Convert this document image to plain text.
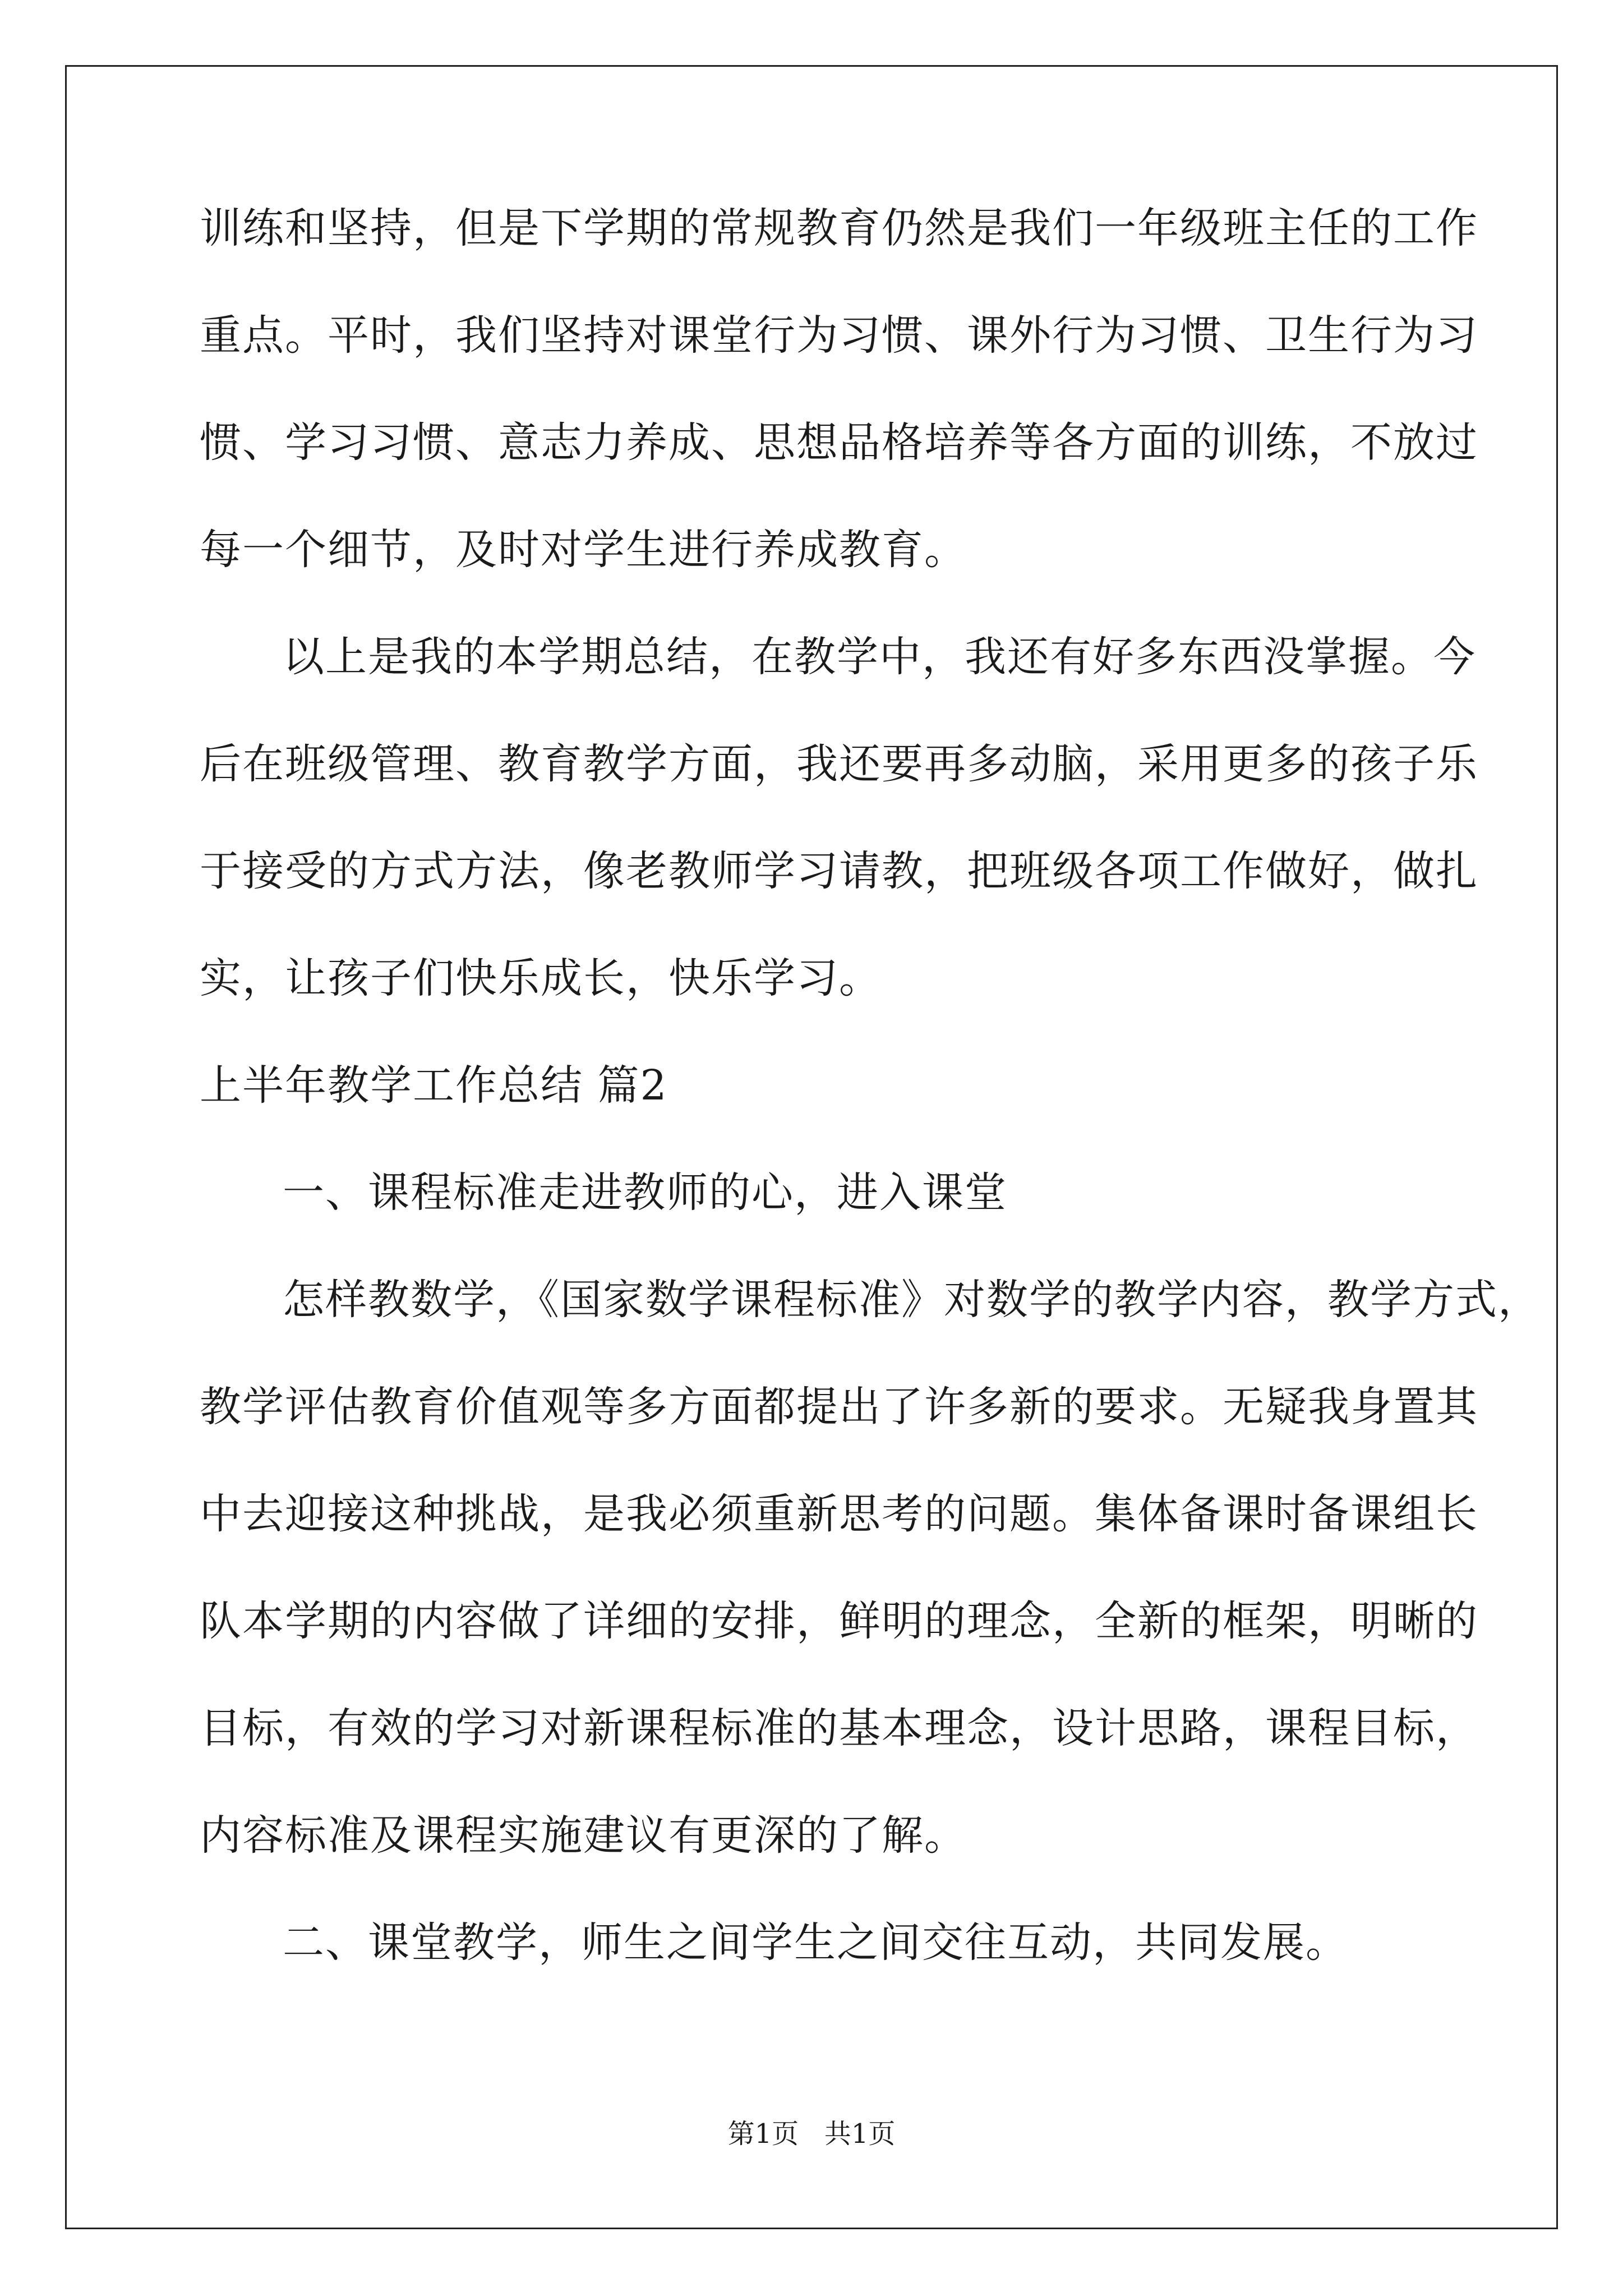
训练和坚持，但是下学期的常规教育仍然是我们一年级班主任的工作
重点。平时，我们坚持对课堂行为习惯、课外行为习惯、卫生行为习
惯、学习习惯、意志力养成、思想品格培养等各方面的训练，不放过
每一个细节，及时对学生进行养成教育。
以上是我的本学期总结，在教学中，我还有好多东西没掌握。今
后在班级管理、教育教学方面，我还要再多动脑，采用更多的孩子乐
于接受的方式方法，像老教师学习请教，把班级各项工作做好，做扎
实，让孩子们快乐成长，快乐学习。
上半年教学工作总结 篇2
一、课程标准走进教师的心，进入课堂
怎样教数学，《国家数学课程标准》对数学的教学内容，教学方式，
教学评估教育价值观等多方面都提出了许多新的要求。无疑我身置其
中去迎接这种挑战，是我必须重新思考的问题。集体备课时备课组长
队本学期的内容做了详细的安排，鲜明的理念，全新的框架，明晰的
目标，有效的学习对新课程标准的基本理念，设计思路，课程目标，
内容标准及课程实施建议有更深的了解。
二、课堂教学，师生之间学生之间交往互动，共同发展。
第1页   共1页
